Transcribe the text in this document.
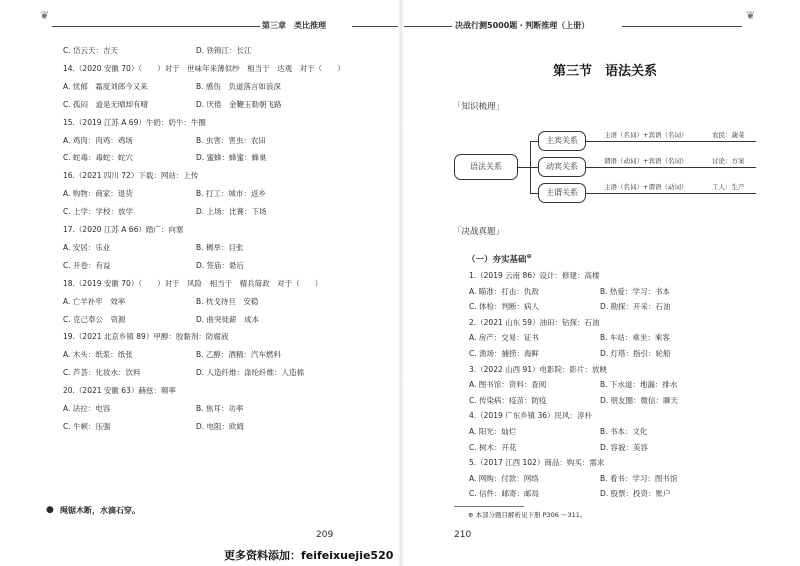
❦
第三章　类比推理	决战行测5000题・判断推理（上册）
❦
C. 岱云天：吉天	D. 铁锦江：长江
14.（2020 安徽 70）（　　）对于　世味年来薄似纱　相当于　达观　对于（　　）
A. 忧郁　霜度刘郎今又来	B. 感伤　负道落言如浪深
C. 孤闷　道是无晴却有晴	D. 厌倦　金鞭玉勒朝飞路
15.（2019 江苏 A 69）牛奶：奶牛：牛圈
A. 鸡肉：肉鸡：鸡场	B. 虫害：害虫：农田
C. 蛇毒：毒蛇：蛇穴	D. 蜜蜂：蜂蜜：蜂巢
16.（2021 四川 72）下载：网站：上传
A. 购物：商家：退货	B. 打工：城市：返乡
C. 上学：学校：放学	D. 上场：比赛：下场
17.（2020 江苏 A 66）踏广：向塞
A. 安居：乐业	B. 稠举：目张
C. 开卷：有益	D. 签庙：悬后
18.（2019 安徽 70）（　　）对于　风险　相当于　精兵简政　对于（　　）
A. 亡羊补牢　效率	B. 枕戈待旦　安稳
C. 克己奉公　资源	D. 曲突徙薪　成本
19.（2021 北京乡镇 89）甲醇：胶黏剂：防腐液
A. 木头：纸浆：纸张	B. 乙醇：酒精：汽车燃料
C. 芦荟：化妆水：饮料	D. 人造纤维：涤纶纤维：人造棉
20.（2021 安徽 63）赫兹：频率
A. 法拉：电容	B. 焦耳：功率
C. 牛顿：压强	D. 电阻：欧姆
● 绳锯木断，水滴石穿。
209
更多资料添加：feifeixuejie520
第三节　语法关系
「知识梳理」
语法关系
主宾关系
动宾关系
主谓关系
主语（名词）+宾语（名词）	农民：蔬菜
谓语（动词）+宾语（名词）	讨论：方案
主语（名词）+谓语（动词）	工人：生产
「决战真题」
（一）夯实基础⊕
1.（2019 云南 86）设计：修建：高楼
A. 瞄准：打击：仇敌	B. 热爱：学习：书本
C. 体检：判断：病人	D. 勘探：开采：石油
2.（2021 山东 59）油田：钻探：石油
A. 房产：交易：证书	B. 车站：乘坐：乘客
C. 渔场：捕捞：海鲜	D. 灯塔：指引：轮船
3.（2022 山西 91）电影院：影片：放映
A. 图书馆：资料：查阅	B. 下水道：地漏：排水
C. 传染病：疫苗：防疫	D. 朋友圈：微信：聊天
4.（2019 广东乡镇 36）民风：淳朴
A. 阳光：灿烂	B. 书本：文化
C. 树木：开花	D. 容貌：美容
5.（2017 江西 102）商品：购买：需求
A. 网购：付款：网络	B. 看书：学习：图书馆
C. 信件：邮寄：邮局	D. 股票：投资：账户
⊕ 本部分题目解析见下册 P306 ～311。
210
